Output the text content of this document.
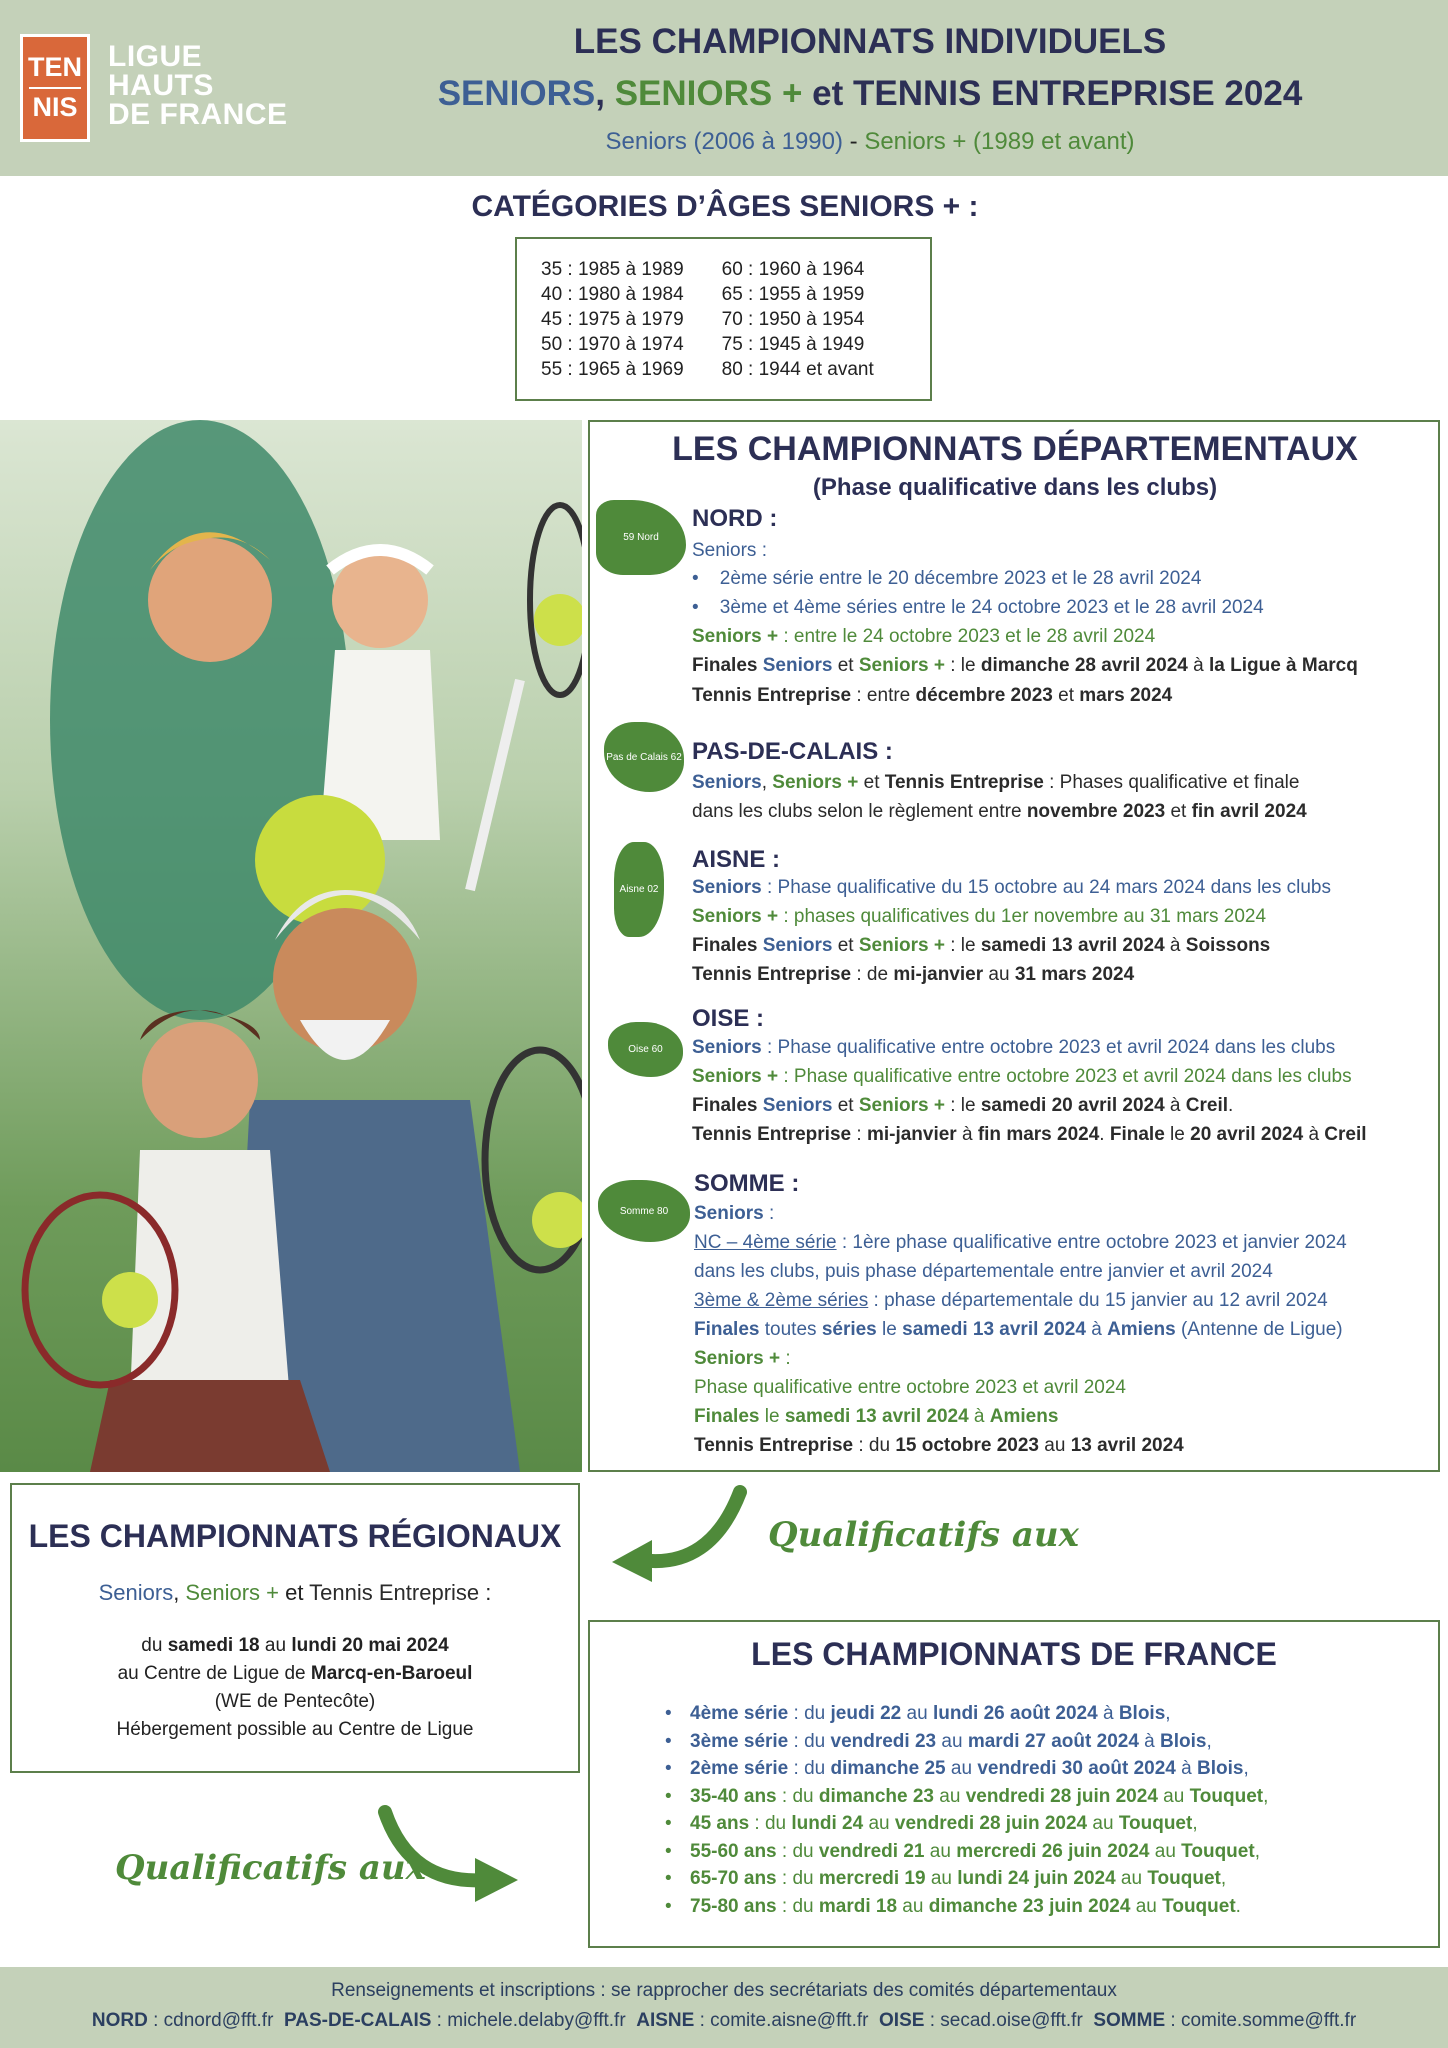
TEN
NIS
LIGUE
HAUTS
DE FRANCE
LES CHAMPIONNATS INDIVIDUELS
SENIORS, SENIORS + et TENNIS ENTREPRISE 2024
Seniors (2006 à 1990) - Seniors + (1989 et avant)
CATÉGORIES D’ÂGES SENIORS + :
35 : 1985 à 1989
40 : 1980 à 1984
45 : 1975 à 1979
50 : 1970 à 1974
55 : 1965 à 1969
60 : 1960 à 1964
65 : 1955 à 1959
70 : 1950 à 1954
75 : 1945 à 1949
80 : 1944 et avant
LES CHAMPIONNATS DÉPARTEMENTAUX
(Phase qualificative dans les clubs)
59 Nord
NORD :
Seniors :
•    2ème série entre le 20 décembre 2023 et le 28 avril 2024
•    3ème et 4ème séries entre le 24 octobre 2023 et le 28 avril 2024
Seniors + : entre le 24 octobre 2023 et le 28 avril 2024
Finales Seniors et Seniors + : le dimanche 28 avril 2024 à la Ligue à Marcq
Tennis Entreprise : entre décembre 2023 et mars 2024
Pas de Calais 62 PAS-DE-CALAIS :
Seniors, Seniors + et Tennis Entreprise : Phases qualificative et finale
dans les clubs selon le règlement entre novembre 2023 et fin avril 2024
Aisne 02
AISNE :
Seniors : Phase qualificative du 15 octobre au 24 mars 2024 dans les clubs
Seniors + : phases qualificatives du 1er novembre au 31 mars 2024
Finales Seniors et Seniors + : le samedi 13 avril 2024 à Soissons
Tennis Entreprise : de mi-janvier au 31 mars 2024
Oise 60
OISE :
Seniors : Phase qualificative entre octobre 2023 et avril 2024 dans les clubs
Seniors + : Phase qualificative entre octobre 2023 et avril 2024 dans les clubs
Finales Seniors et Seniors + : le samedi 20 avril 2024 à Creil.
Tennis Entreprise : mi-janvier à fin mars 2024. Finale le 20 avril 2024 à Creil
Somme 80
SOMME :
Seniors :
NC – 4ème série : 1ère phase qualificative entre octobre 2023 et janvier 2024
dans les clubs, puis phase départementale entre janvier et avril 2024
3ème & 2ème séries : phase départementale du 15 janvier au 12 avril 2024
Finales toutes séries le samedi 13 avril 2024 à Amiens (Antenne de Ligue)
Seniors + :
Phase qualificative entre octobre 2023 et avril 2024
Finales le samedi 13 avril 2024 à Amiens
Tennis Entreprise : du 15 octobre 2023 au 13 avril 2024
LES CHAMPIONNATS RÉGIONAUX
Seniors, Seniors + et Tennis Entreprise :
du samedi 18 au lundi 20 mai 2024
au Centre de Ligue de Marcq-en-Baroeul
(WE de Pentecôte)
Hébergement possible au Centre de Ligue
Qualificatifs aux
Qualificatifs aux
LES CHAMPIONNATS DE FRANCE
• 4ème série : du jeudi 22 au lundi 26 août 2024 à Blois,
• 3ème série : du vendredi 23 au mardi 27 août 2024 à Blois,
• 2ème série : du dimanche 25 au vendredi 30 août 2024 à Blois,
• 35-40 ans : du dimanche 23 au vendredi 28 juin 2024 au Touquet,
• 45 ans : du lundi 24 au vendredi 28 juin 2024 au Touquet,
• 55-60 ans : du vendredi 21 au mercredi 26 juin 2024 au Touquet,
• 65-70 ans : du mercredi 19 au lundi 24 juin 2024 au Touquet,
• 75-80 ans : du mardi 18 au dimanche 23 juin 2024 au Touquet.
Renseignements et inscriptions : se rapprocher des secrétariats des comités départementaux
NORD : cdnord@fft.fr PAS-DE-CALAIS : michele.delaby@fft.fr AISNE : comite.aisne@fft.fr OISE : secad.oise@fft.fr SOMME : comite.somme@fft.fr
